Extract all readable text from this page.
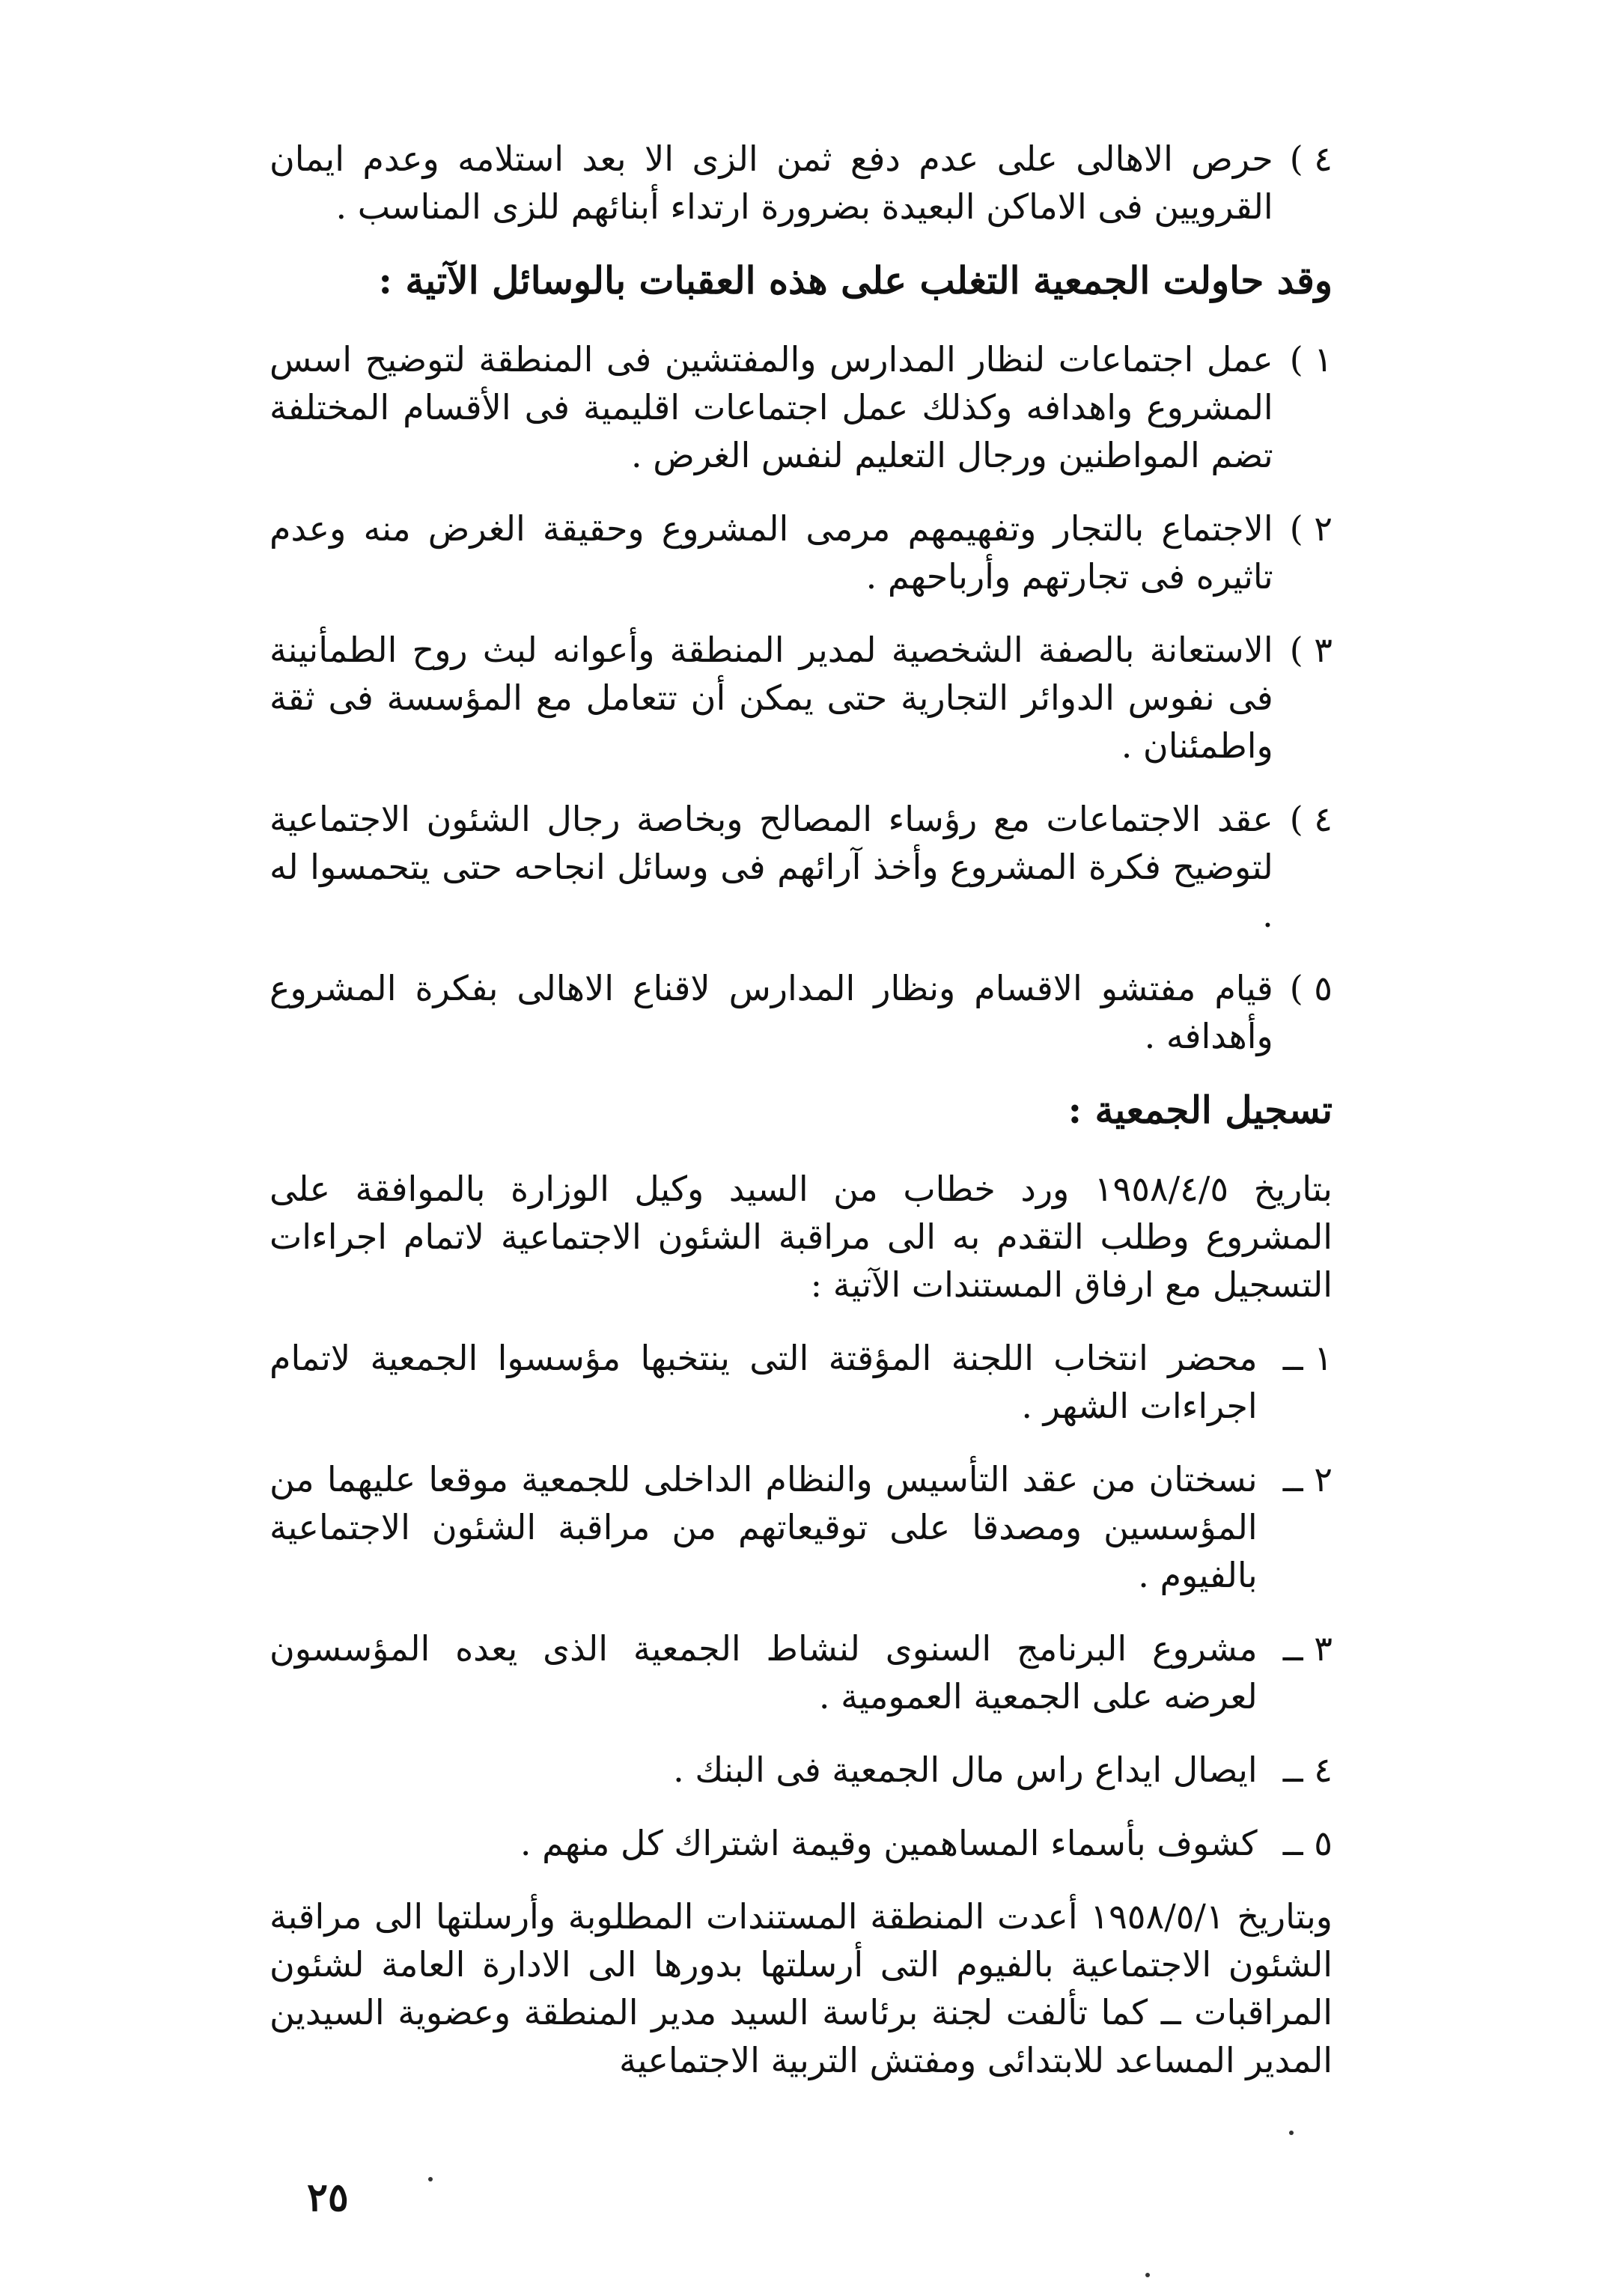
٤ )
حرص الاهالى على عدم دفع ثمن الزى الا بعد استلامه وعدم ايمان القرويين فى الاماكن البعيدة بضرورة ارتداء أبنائهم للزى المناسب .
وقد حاولت الجمعية التغلب على هذه العقبات بالوسائل الآتية :
١ )
عمل اجتماعات لنظار المدارس والمفتشين فى المنطقة لتوضيح اسس المشروع واهدافه وكذلك عمل اجتماعات اقليمية فى الأقسام المختلفة تضم المواطنين ورجال التعليم لنفس الغرض .
٢ )
الاجتماع بالتجار وتفهيمهم مرمى المشروع وحقيقة الغرض منه وعدم تاثيره فى تجارتهم وأرباحهم .
٣ )
الاستعانة بالصفة الشخصية لمدير المنطقة وأعوانه لبث روح الطمأنينة فى نفوس الدوائر التجارية حتى يمكن أن تتعامل مع المؤسسة فى ثقة واطمئنان .
٤ )
عقد الاجتماعات مع رؤساء المصالح وبخاصة رجال الشئون الاجتماعية لتوضيح فكرة المشروع وأخذ آرائهم فى وسائل انجاحه حتى يتحمسوا له .
٥ )
قيام مفتشو الاقسام ونظار المدارس لاقناع الاهالى بفكرة المشروع وأهدافه .
تسجيل الجمعية :

بتاريخ ١٩٥٨/٤/٥ ورد خطاب من السيد وكيل الوزارة بالموافقة على المشروع وطلب التقدم به الى مراقبة الشئون الاجتماعية لاتمام اجراءات التسجيل مع ارفاق المستندات الآتية :

١ ــ
محضر انتخاب اللجنة المؤقتة التى ينتخبها مؤسسوا الجمعية لاتمام اجراءات الشهر .
٢ ــ
نسختان من عقد التأسيس والنظام الداخلى للجمعية موقعا عليهما من المؤسسين ومصدقا على توقيعاتهم من مراقبة الشئون الاجتماعية بالفيوم .
٣ ــ
مشروع البرنامج السنوى لنشاط الجمعية الذى يعده المؤسسون لعرضه على الجمعية العمومية .
٤ ــ
ايصال ايداع راس مال الجمعية فى البنك .
٥ ــ
كشوف بأسماء المساهمين وقيمة اشتراك كل منهم .

وبتاريخ ١٩٥٨/٥/١ أعدت المنطقة المستندات المطلوبة وأرسلتها الى مراقبة الشئون الاجتماعية بالفيوم التى أرسلتها بدورها الى الادارة العامة لشئون المراقبات ــ كما تألفت لجنة برئاسة السيد مدير المنطقة وعضوية السيدين المدير المساعد للابتدائى ومفتش التربية الاجتماعية

٢٥
